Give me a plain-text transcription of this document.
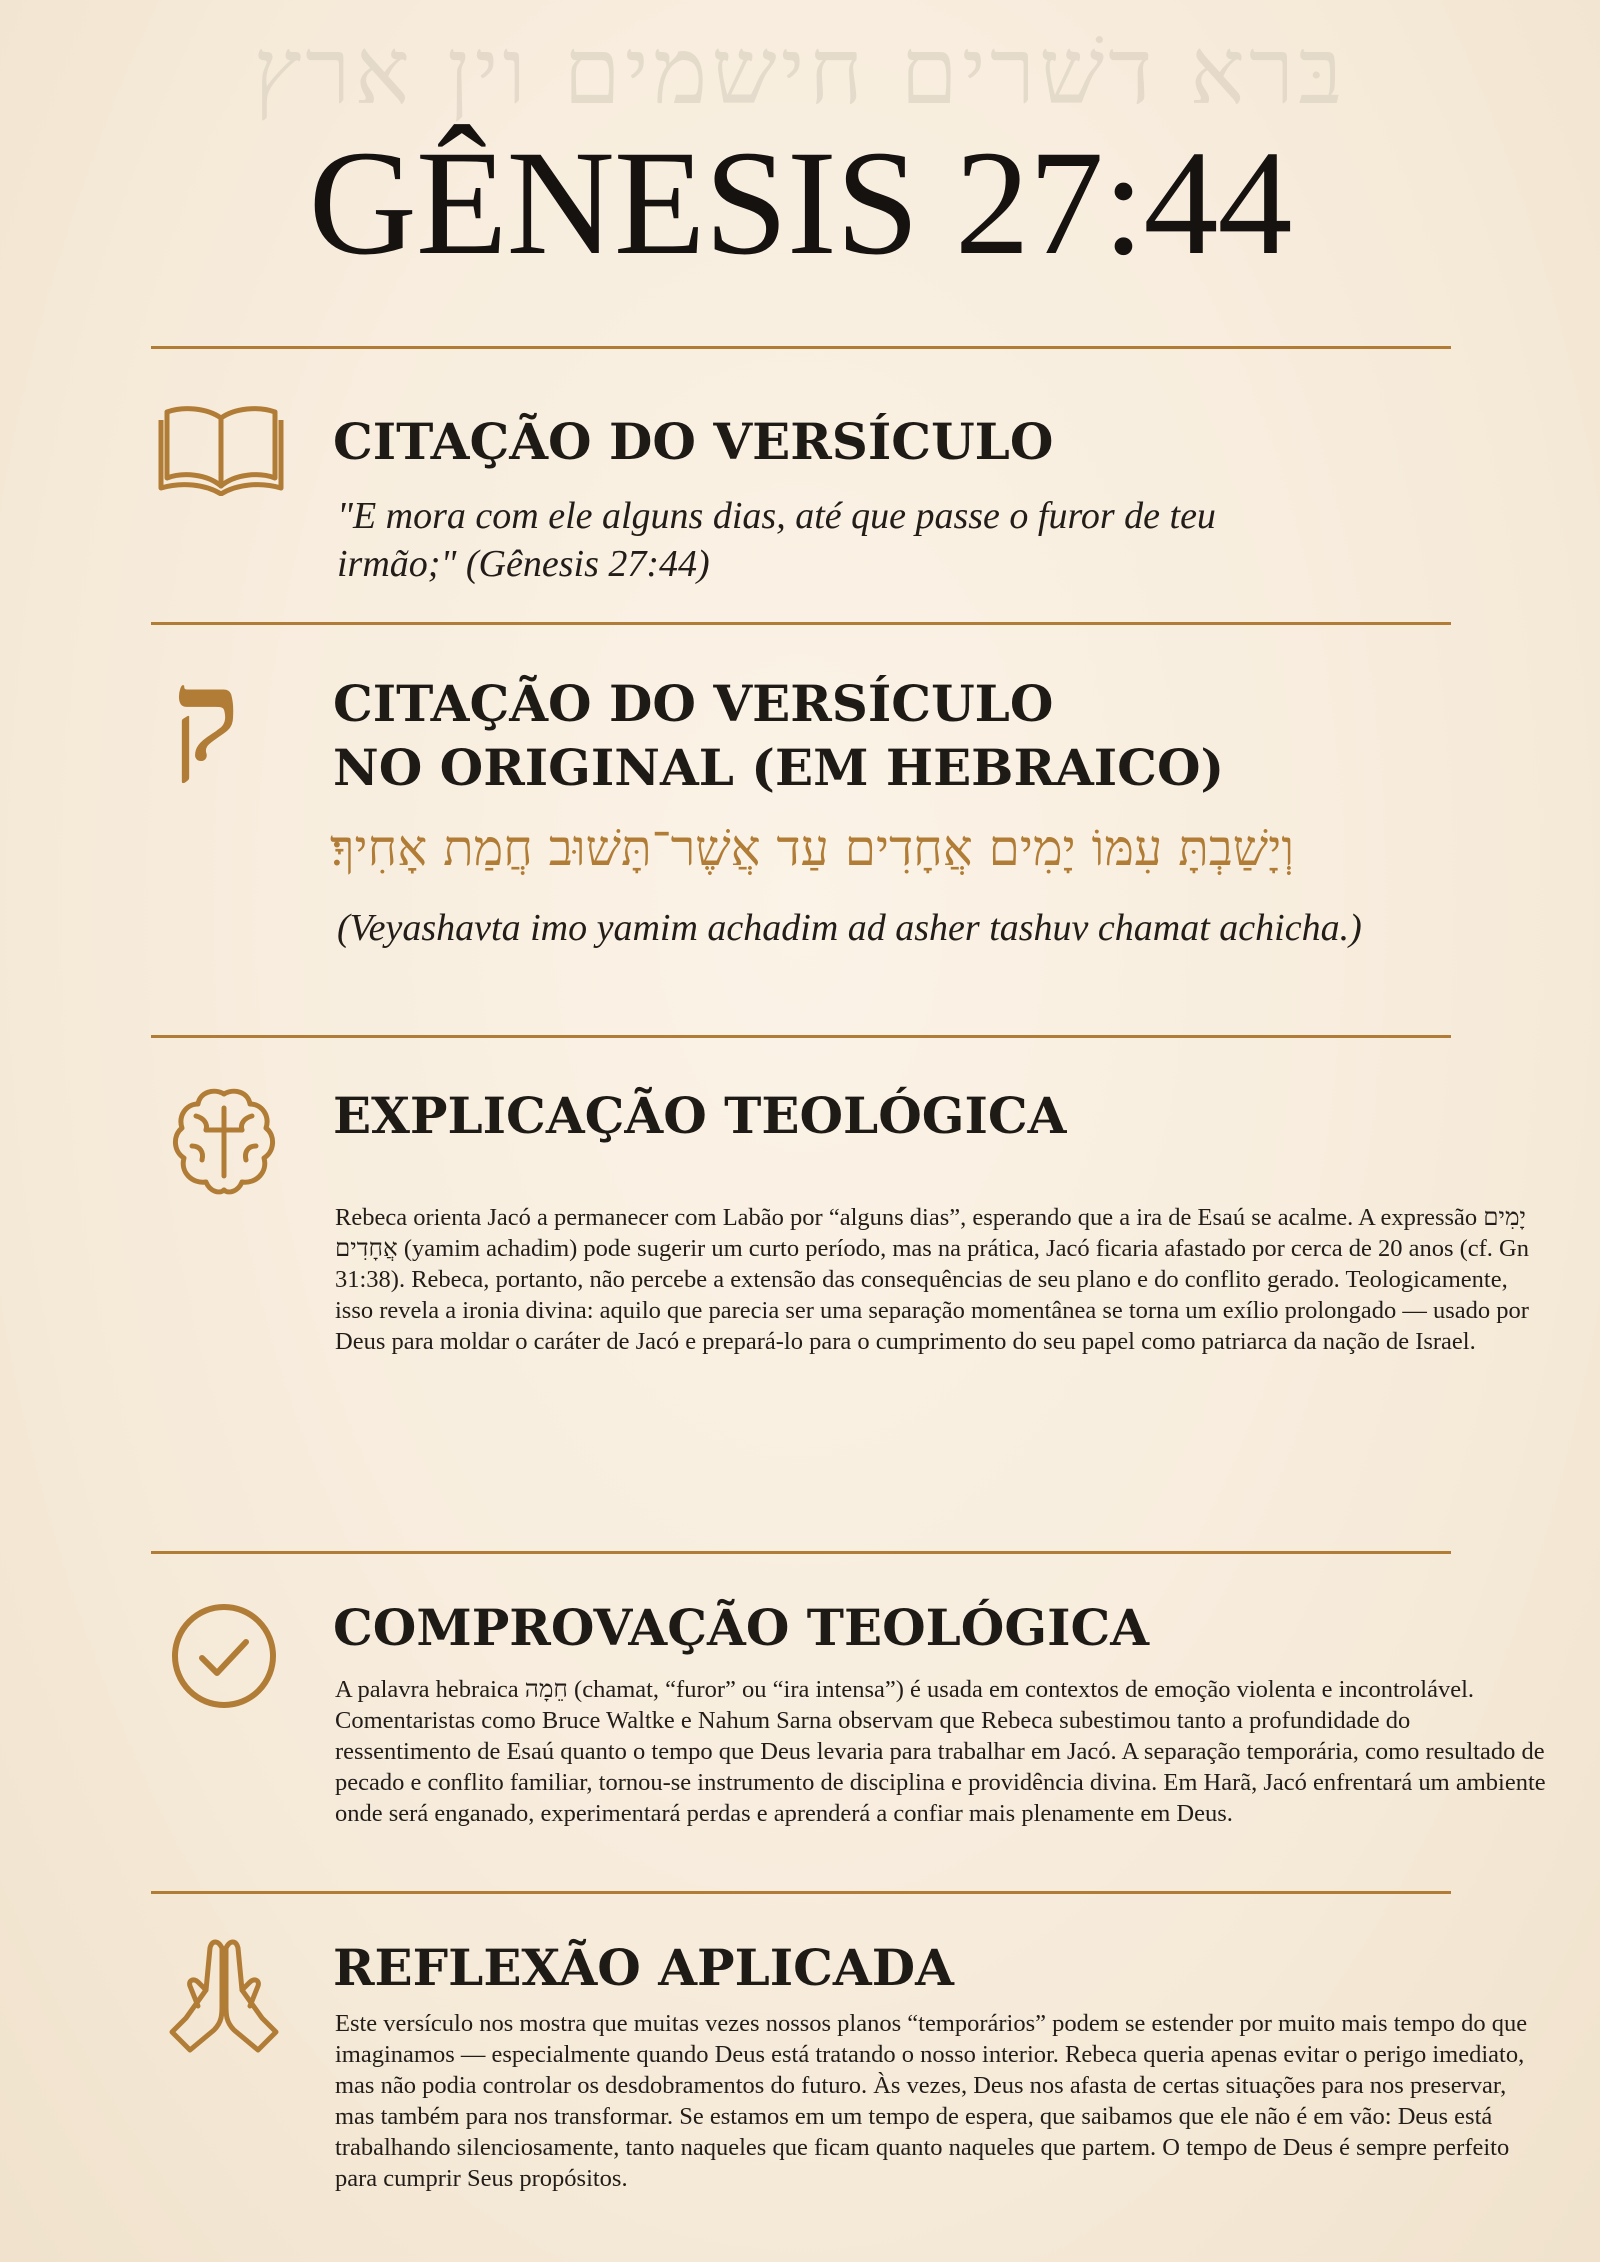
בּרא דשׁרים חישמים וין ארץ
GÊNESIS 27:44
CITAÇÃO DO VERSÍCULO

"E mora com ele alguns dias, até que passe o furor de teu irmão;" (Gênesis 27:44)

ק CITAÇÃO DO VERSÍCULO
NO ORIGINAL (EM HEBRAICO)

וְיָשַׁבְתָּ עִמּוֹ יָמִים אֲחָדִים עַד אֲשֶׁר־תָּשׁוּב חֲמַת אָחִיךָ׃

(Veyashavta imo yamim achadim ad asher tashuv chamat achicha.)

EXPLICAÇÃO TEOLÓGICA

Rebeca orienta Jacó a permanecer com Labão por “alguns dias”, esperando que a ira de Esaú se acalme. A expressão יָמִים אֲחָדִים (yamim achadim) pode sugerir um curto período, mas na prática, Jacó ficaria afastado por cerca de 20 anos (cf. Gn 31:38). Rebeca, portanto, não percebe a extensão das consequências de seu plano e do conflito gerado. Teologicamente, isso revela a ironia divina: aquilo que parecia ser uma separação momentânea se torna um exílio prolongado — usado por Deus para moldar o caráter de Jacó e prepará-lo para o cumprimento do seu papel como patriarca da nação de Israel.

COMPROVAÇÃO TEOLÓGICA

A palavra hebraica חֵמָה (chamat, “furor” ou “ira intensa”) é usada em contextos de emoção violenta e incontrolável. Comentaristas como Bruce Waltke e Nahum Sarna observam que Rebeca subestimou tanto a profundidade do ressentimento de Esaú quanto o tempo que Deus levaria para trabalhar em Jacó. A separação temporária, como resultado de pecado e conflito familiar, tornou-se instrumento de disciplina e providência divina. Em Harã, Jacó enfrentará um ambiente onde será enganado, experimentará perdas e aprenderá a confiar mais plenamente em Deus.

REFLEXÃO APLICADA

Este versículo nos mostra que muitas vezes nossos planos “temporários” podem se estender por muito mais tempo do que imaginamos — especialmente quando Deus está tratando o nosso interior. Rebeca queria apenas evitar o perigo imediato, mas não podia controlar os desdobramentos do futuro. Às vezes, Deus nos afasta de certas situações para nos preservar, mas também para nos transformar. Se estamos em um tempo de espera, que saibamos que ele não é em vão: Deus está trabalhando silenciosamente, tanto naqueles que ficam quanto naqueles que partem. O tempo de Deus é sempre perfeito para cumprir Seus propósitos.
